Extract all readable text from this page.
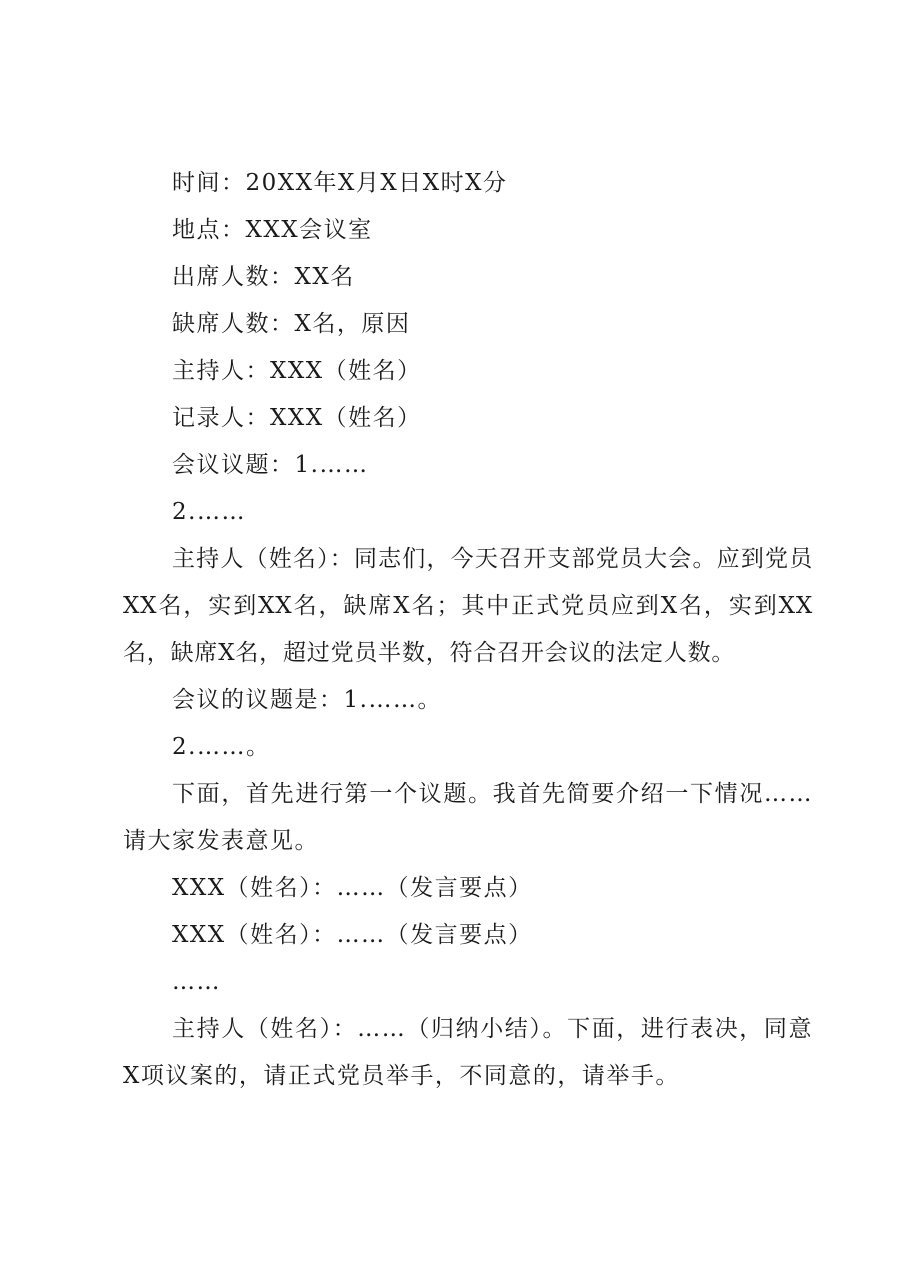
时间：20XX年X月X日X时X分

地点：XXX会议室

出席人数：XX名

缺席人数：X名，原因

主持人：XXX（姓名）

记录人：XXX（姓名）

会议议题：1.……

2.……

主持人（姓名）：同志们，今天召开支部党员大会。应到党员XX名，实到XX名，缺席X名；其中正式党员应到X名，实到XX名，缺席X名，超过党员半数，符合召开会议的法定人数。

会议的议题是：1.……。

2.……。

下面，首先进行第一个议题。我首先简要介绍一下情况……请大家发表意见。

XXX（姓名）：……（发言要点）

XXX（姓名）：……（发言要点）

……

主持人（姓名）：……（归纳小结）。下面，进行表决，同意X项议案的，请正式党员举手，不同意的，请举手。
